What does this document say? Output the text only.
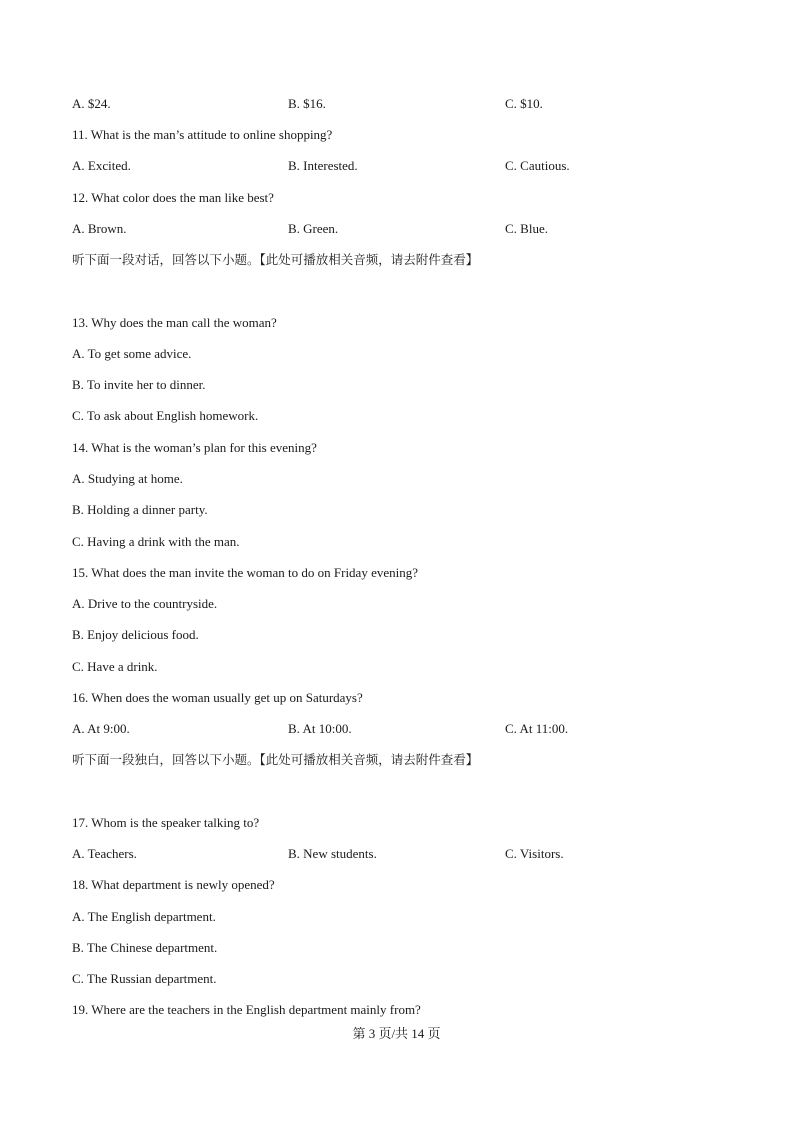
A. $24.	B. $16.	C. $10.
11. What is the man’s attitude to online shopping?
A. Excited.	B. Interested.	C. Cautious.
12. What color does the man like best?
A. Brown.	B. Green.	C. Blue.
听下面一段对话，回答以下小题。【此处可播放相关音频，请去附件查看】
13. Why does the man call the woman?
A. To get some advice.
B. To invite her to dinner.
C. To ask about English homework.
14. What is the woman’s plan for this evening?
A. Studying at home.
B. Holding a dinner party.
C. Having a drink with the man.
15. What does the man invite the woman to do on Friday evening?
A. Drive to the countryside.
B. Enjoy delicious food.
C. Have a drink.
16. When does the woman usually get up on Saturdays?
A. At 9:00.	B. At 10:00.	C. At 11:00.
听下面一段独白，回答以下小题。【此处可播放相关音频，请去附件查看】
17. Whom is the speaker talking to?
A. Teachers.	B. New students.	C. Visitors.
18. What department is newly opened?
A. The English department.
B. The Chinese department.
C. The Russian department.
19. Where are the teachers in the English department mainly from?
第 3 页/共 14 页
